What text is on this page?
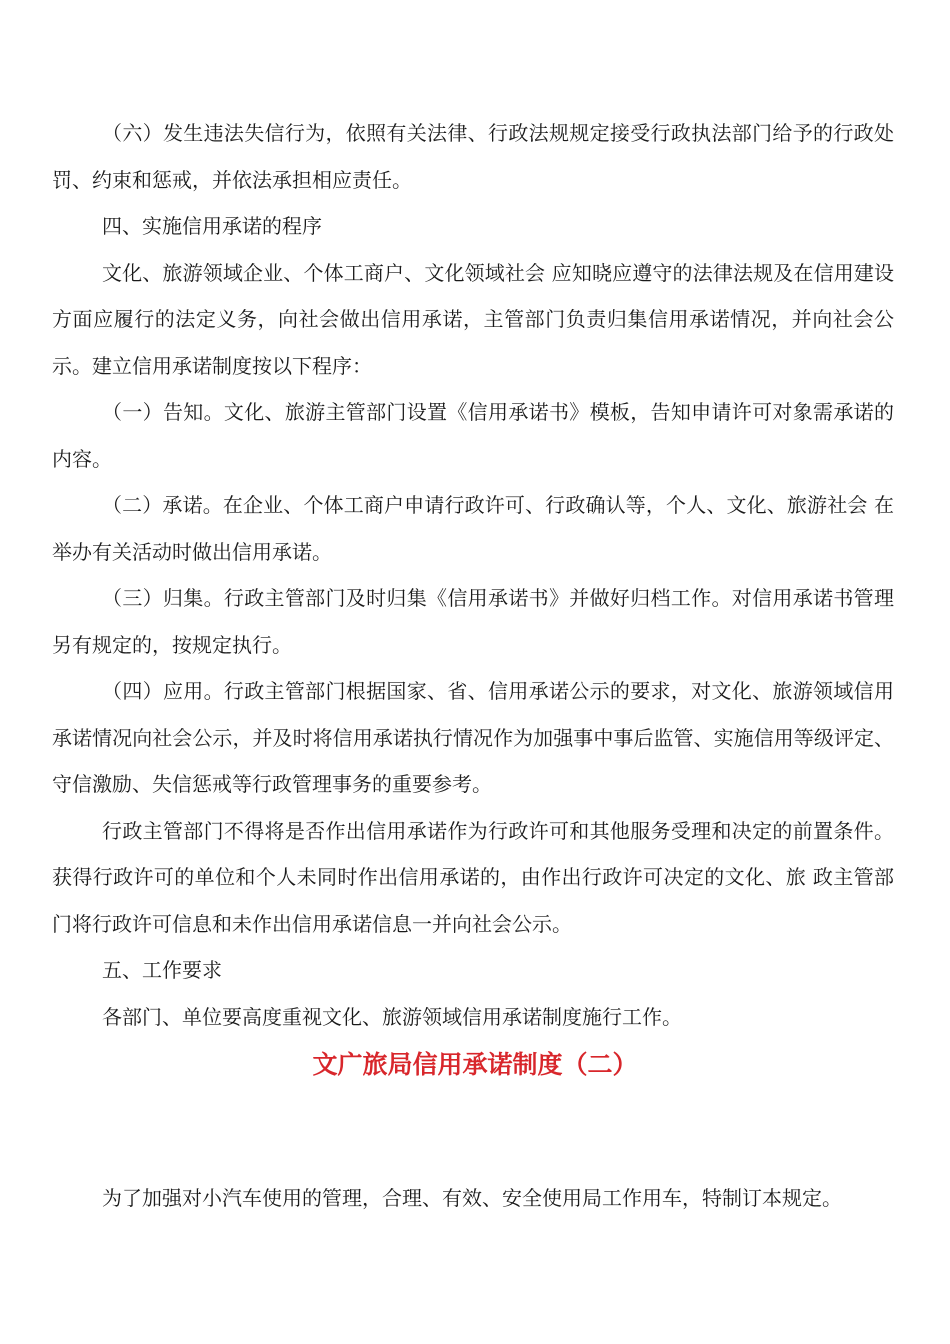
（六）发生违法失信行为，依照有关法律、行政法规规定接受行政执法部门给予的行政处罚、约束和惩戒，并依法承担相应责任。

四、实施信用承诺的程序

文化、旅游领域企业、个体工商户、文化领域社会 应知晓应遵守的法律法规及在信用建设方面应履行的法定义务，向社会做出信用承诺，主管部门负责归集信用承诺情况，并向社会公示。建立信用承诺制度按以下程序：

（一）告知。文化、旅游主管部门设置《信用承诺书》模板，告知申请许可对象需承诺的内容。

（二）承诺。在企业、个体工商户申请行政许可、行政确认等，个人、文化、旅游社会 在举办有关活动时做出信用承诺。

（三）归集。行政主管部门及时归集《信用承诺书》并做好归档工作。对信用承诺书管理另有规定的，按规定执行。

（四）应用。行政主管部门根据国家、省、信用承诺公示的要求，对文化、旅游领域信用承诺情况向社会公示，并及时将信用承诺执行情况作为加强事中事后监管、实施信用等级评定、守信激励、失信惩戒等行政管理事务的重要参考。

行政主管部门不得将是否作出信用承诺作为行政许可和其他服务受理和决定的前置条件。获得行政许可的单位和个人未同时作出信用承诺的，由作出行政许可决定的文化、旅 政主管部门将行政许可信息和未作出信用承诺信息一并向社会公示。

五、工作要求

各部门、单位要高度重视文化、旅游领域信用承诺制度施行工作。

文广旅局信用承诺制度（二）

为了加强对小汽车使用的管理，合理、有效、安全使用局工作用车，特制订本规定。
